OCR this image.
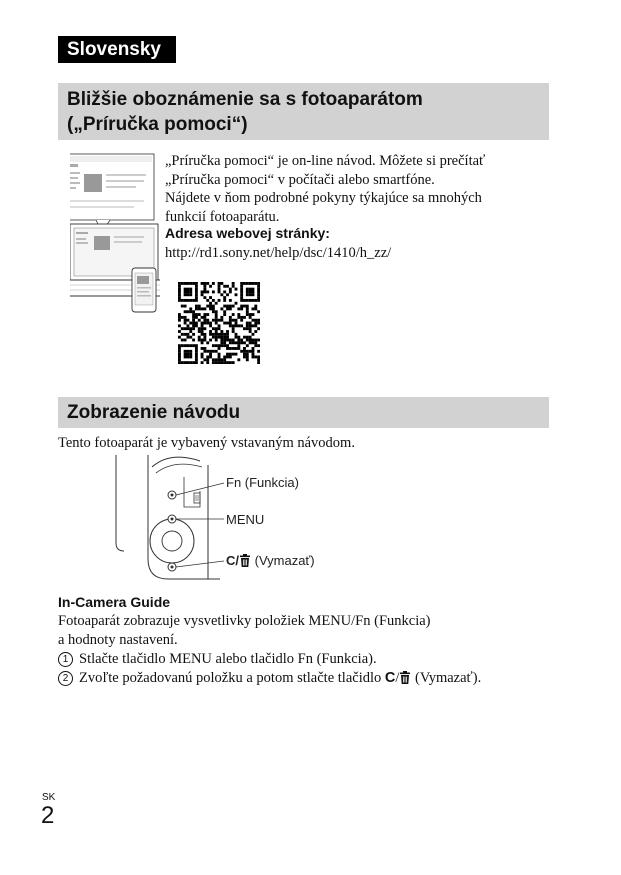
Slovensky
Bližšie oboznámenie sa s fotoaparátom
(„Príručka pomoci“)
„Príručka pomoci“ je on-line návod. Môžete si prečítať
„Príručka pomoci“ v počítači alebo smartfóne.
Nájdete v ňom podrobné pokyny týkajúce sa mnohých
funkcií fotoaparátu.
Adresa webovej stránky:
http://rd1.sony.net/help/dsc/1410/h_zz/
Zobrazenie návodu
Tento fotoaparát je vybavený vstavaným návodom.
Fn (Funkcia)
MENU
C/ (Vymazať)
In-Camera Guide
Fotoaparát zobrazuje vysvetlivky položiek MENU/Fn (Funkcia)
a hodnoty nastavení.
1 Stlačte tlačidlo MENU alebo tlačidlo Fn (Funkcia).
2 Zvoľte požadovanú položku a potom stlačte tlačidlo C/ (Vymazať).
SK
2
